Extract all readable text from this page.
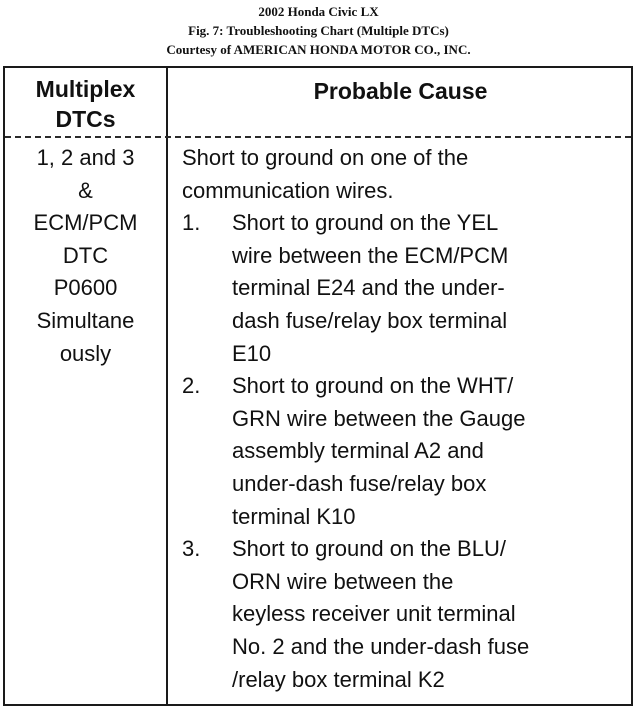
2002 Honda Civic LX
Fig. 7: Troubleshooting Chart (Multiple DTCs)
Courtesy of AMERICAN HONDA MOTOR CO., INC.
Multiplex
DTCs
Probable Cause
1, 2 and 3
&
ECM/PCM
DTC
P0600
Simultane
ously
Short to ground on one of the
communication wires.
1. Short to ground on the YEL
wire between the ECM/PCM
terminal E24 and the under-
dash fuse/relay box terminal
E10
2. Short to ground on the WHT/
GRN wire between the Gauge
assembly terminal A2 and
under-dash fuse/relay box
terminal K10
3. Short to ground on the BLU/
ORN wire between the
keyless receiver unit terminal
No. 2 and the under-dash fuse
/relay box terminal K2
